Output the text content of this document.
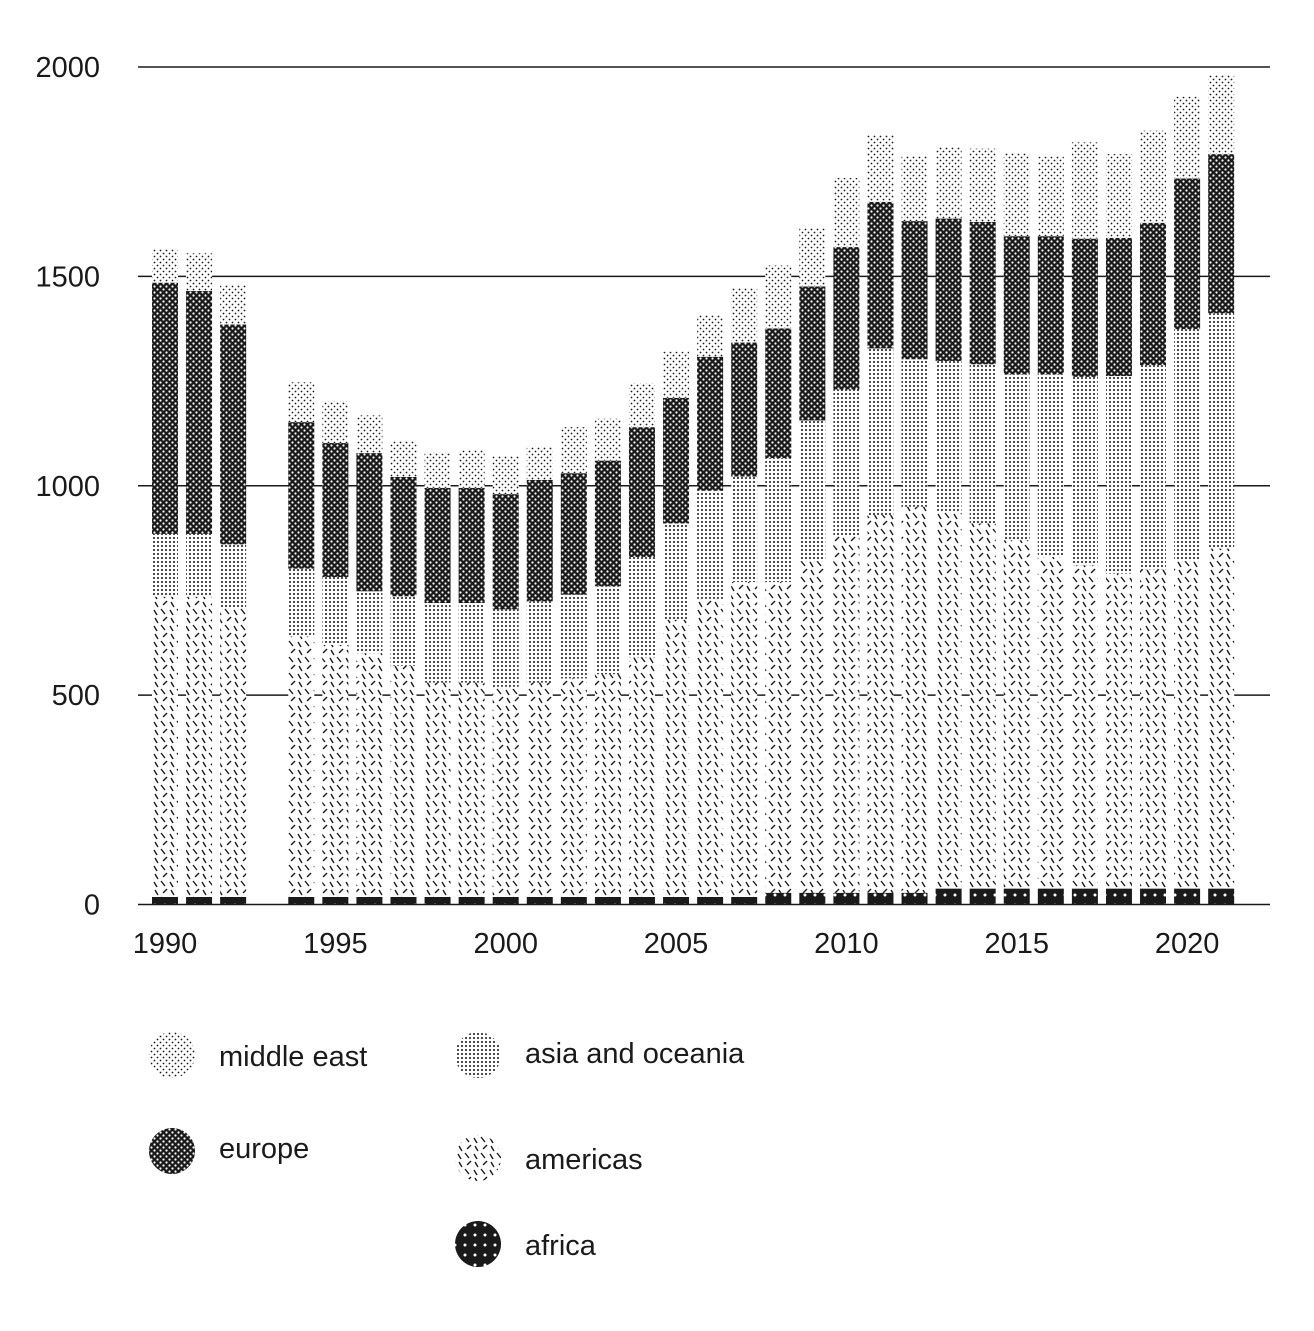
0
500
1000
1500
2000
1990	1995	2000	2005	2010	2015	2020
middle east
europe
asia and oceania
americas
africa
